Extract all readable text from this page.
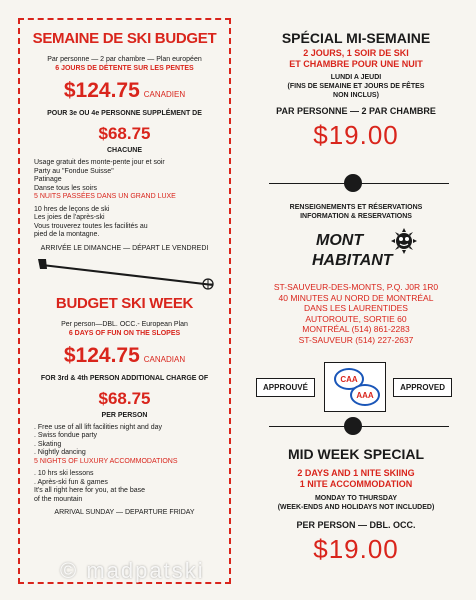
SEMAINE DE SKI BUDGET
Par personne — 2 par chambre — Plan européen
6 JOURS DE DÉTENTE SUR LES PENTES
$124.75 CANADIEN
POUR 3e OU 4e PERSONNE SUPPLÉMENT DE
$68.75
CHACUNE
Usage gratuit des monte-pente jour et soir
Party au "Fondue Suisse"
Patinage
Danse tous les soirs
5 NUITS PASSÉES DANS UN GRAND LUXE
10 hres de leçons de ski
Les joies de l'après-ski
Vous trouverez toutes les facilités au
pied de la montagne.
ARRIVÉE LE DIMANCHE — DÉPART LE VENDREDI
BUDGET SKI WEEK
Per person—DBL. OCC.- European Plan
6 DAYS OF FUN ON THE SLOPES
$124.75 CANADIAN
FOR 3rd & 4th PERSON ADDITIONAL CHARGE OF
$68.75
PER PERSON
. Free use of all lift facilities night and day
. Swiss fondue party
. Skating
. Nightly dancing
5 NIGHTS OF LUXURY ACCOMMODATIONS
. 10 hrs ski lessons
. Après-ski fun & games
It's all right here for you, at the base
of the mountain
ARRIVAL SUNDAY — DEPARTURE FRIDAY
SPÉCIAL MI-SEMAINE
2 JOURS, 1 SOIR DE SKI
ET CHAMBRE POUR UNE NUIT
LUNDI A JEUDI
(FINS DE SEMAINE ET JOURS DE FÊTES
NON INCLUS)
PAR PERSONNE — 2 PAR CHAMBRE
$19.00
RENSEIGNEMENTS ET RÉSERVATIONS
INFORMATION & RESERVATIONS
MONT
HABITANT
ST-SAUVEUR-DES-MONTS, P.Q. J0R 1R0
40 MINUTES AU NORD DE MONTRÉAL
DANS LES LAURENTIDES
AUTOROUTE, SORTIE 60
MONTRÉAL (514) 861-2283
ST-SAUVEUR (514) 227-2637
APPROUVÉ	APPROVED
CAA
AAA
MID WEEK SPECIAL
2 DAYS AND 1 NITE SKIING
1 NITE ACCOMMODATION
MONDAY TO THURSDAY
(WEEK-ENDS AND HOLIDAYS NOT INCLUDED)
PER PERSON — DBL. OCC.
$19.00
© madpatski
